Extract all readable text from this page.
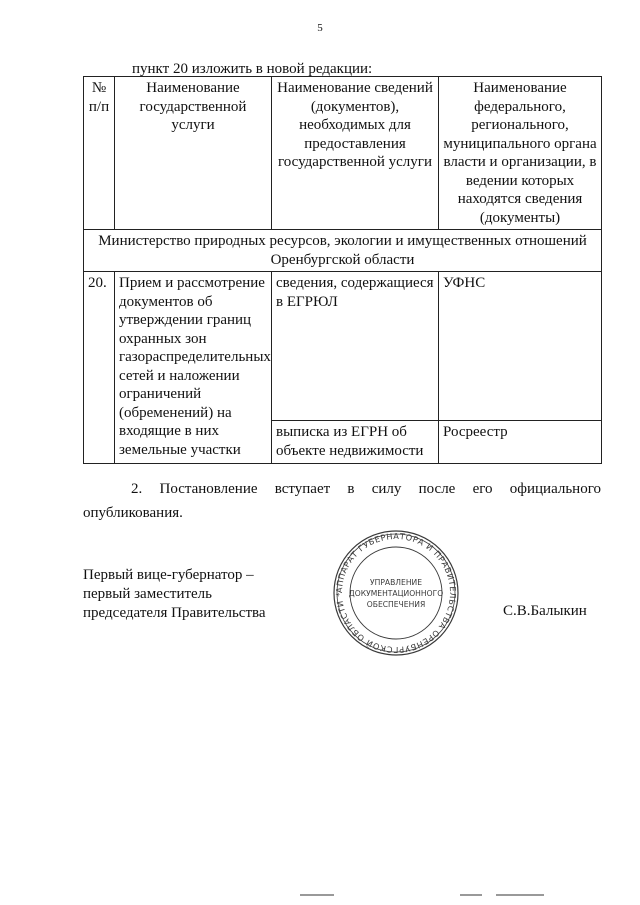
5
пункт 20 изложить в новой редакции:
№ п/п	Наименование государственной услуги	Наименование сведений (документов), необходимых для предоставления государственной услуги	Наименование федерального, регионального, муниципального органа власти и организации, в ведении которых находятся сведения (документы)
Министерство природных ресурсов, экологии и имущественных отношений Оренбургской области			
20.	Прием и рассмотрение документов об утверждении границ охранных зон газораспределительных сетей и наложении ограничений (обременений) на входящие в них земельные участки	сведения, содержащиеся в ЕГРЮЛ	УФНС
		выписка из ЕГРН об объекте недвижимости	Росреестр
2. Постановление вступает в силу после его официального опубликования.
Первый вице-губернатор – первый заместитель председателя Правительства
АППАРАТ ГУБЕРНАТОРА И ПРАВИТЕЛЬСТВА ОРЕНБУРГСКОЙ ОБЛАСТИ *
УПРАВЛЕНИЕ
ДОКУМЕНТАЦИОННОГО
ОБЕСПЕЧЕНИЯ	С.В.Балыкин
